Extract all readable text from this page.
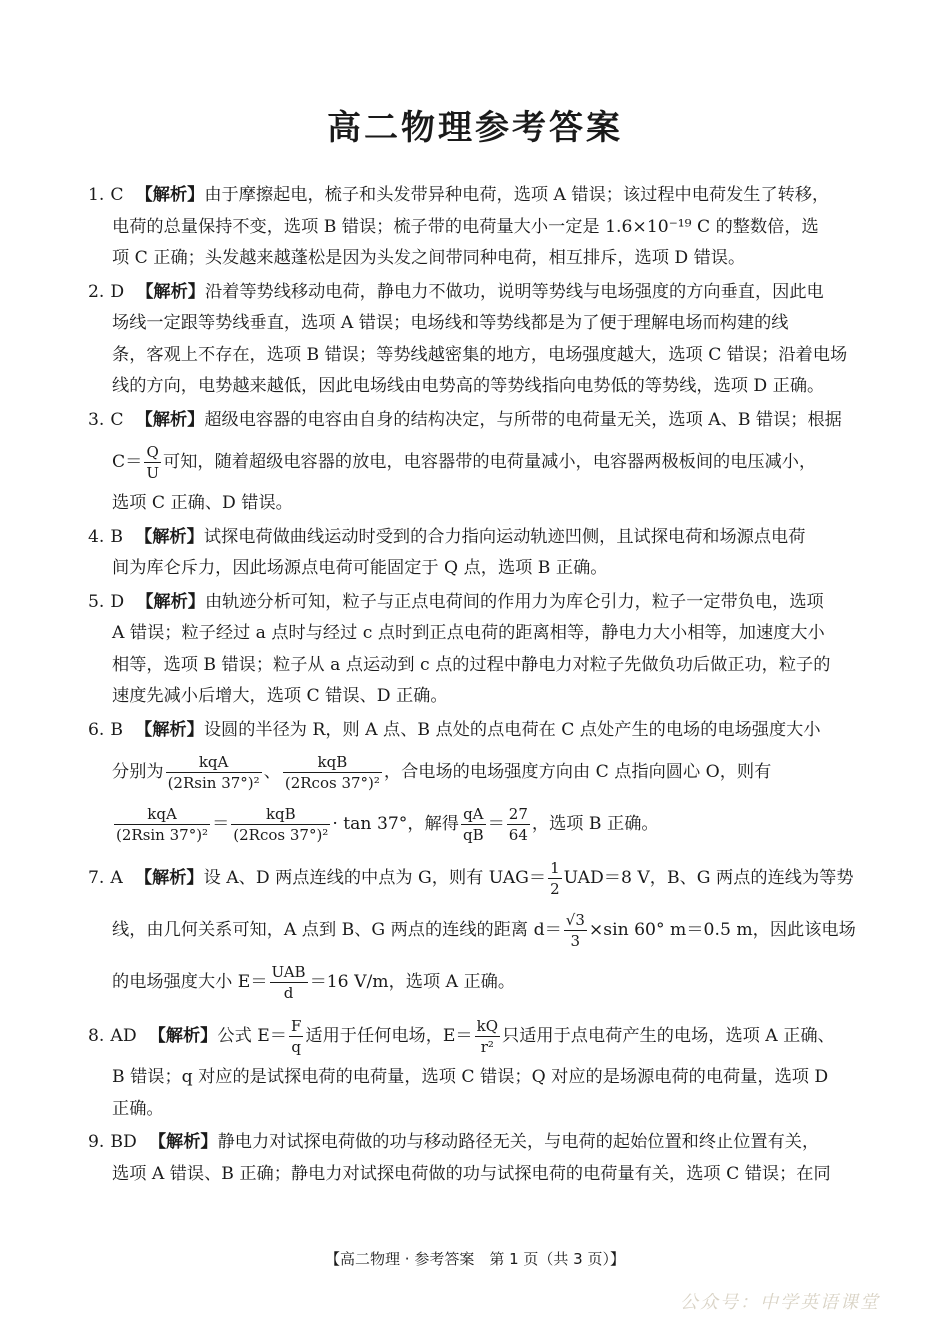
高二物理参考答案
1. C 【解析】由于摩擦起电，梳子和头发带异种电荷，选项 A 错误；该过程中电荷发生了转移，
电荷的总量保持不变，选项 B 错误；梳子带的电荷量大小一定是 1.6×10⁻¹⁹ C 的整数倍，选
项 C 正确；头发越来越蓬松是因为头发之间带同种电荷，相互排斥，选项 D 错误。
2. D 【解析】沿着等势线移动电荷，静电力不做功，说明等势线与电场强度的方向垂直，因此电
场线一定跟等势线垂直，选项 A 错误；电场线和等势线都是为了便于理解电场而构建的线
条，客观上不存在，选项 B 错误；等势线越密集的地方，电场强度越大，选项 C 错误；沿着电场
线的方向，电势越来越低，因此电场线由电势高的等势线指向电势低的等势线，选项 D 正确。
3. C 【解析】超级电容器的电容由自身的结构决定，与所带的电荷量无关，选项 A、B 错误；根据
$C= \frac{Q}{U}$ 可知，随着超级电容器的放电，电容器带的电荷量减小，电容器两极板间的电压减小，
选项 C 正确、D 错误。
4. B 【解析】试探电荷做曲线运动时受到的合力指向运动轨迹凹侧，且试探电荷和场源点电荷
间为库仑斥力，因此场源点电荷可能固定于 Q 点，选项 B 正确。
5. D 【解析】由轨迹分析可知，粒子与正点电荷间的作用力为库仑引力，粒子一定带负电，选项
A 错误；粒子经过 a 点时与经过 c 点时到正点电荷的距离相等，静电力大小相等，加速度大小
相等，选项 B 错误；粒子从 a 点运动到 c 点的过程中静电力对粒子先做负功后做正功，粒子的
速度先减小后增大，选项 C 错误、D 正确。
6. B 【解析】设圆的半径为 R，则 A 点、B 点处的点电荷在 C 点处产生的电场的电场强度大小
分别为 $\frac{\text{kqA}}{\text{(2Rsin 37°)²}}$ 、 $\frac{\text{kqB}}{\text{(2Rcos 37°)²}}$ ，合电场的电场强度方向由 C 点指向圆心 O，则有
$\frac{\text{kqA}}{\text{(2Rsin 37°)²}} = \frac{\text{kqB}}{\text{(2Rcos 37°)²}} \cdot \tan 37^\circ$，解得 $\frac{qA}{qB} = \frac{27}{64}$ ，选项 B 正确。
7. A 【解析】设 A、D 两点连线的中点为 G，则有 $UAG= \frac{1}{2} UAD=8$ V，B、G 两点的连线为等势
线，由几何关系可知，A 点到 B、G 两点的连线的距离 $d= \frac{√3}{3} \times\sin$ 60° m＝0.5 m，因此该电场
的电场强度大小 $E= \frac{\text{UAB}}{d} =16$ V/m，选项 A 正确。
8. AD 【解析】公式 $E= \frac{F}{q}$ 适用于任何电场，$E= \frac{kQ}{\text{r²}}$ 只适用于点电荷产生的电场，选项 A 正确、
B 错误；q 对应的是试探电荷的电荷量，选项 C 错误；Q 对应的是场源电荷的电荷量，选项 D
正确。
9. BD 【解析】静电力对试探电荷做的功与移动路径无关，与电荷的起始位置和终止位置有关，
选项 A 错误、B 正确；静电力对试探电荷做的功与试探电荷的电荷量有关，选项 C 错误；在同
【高二物理 · 参考答案　第 1 页（共 3 页）】
公众号：中学英语课堂
